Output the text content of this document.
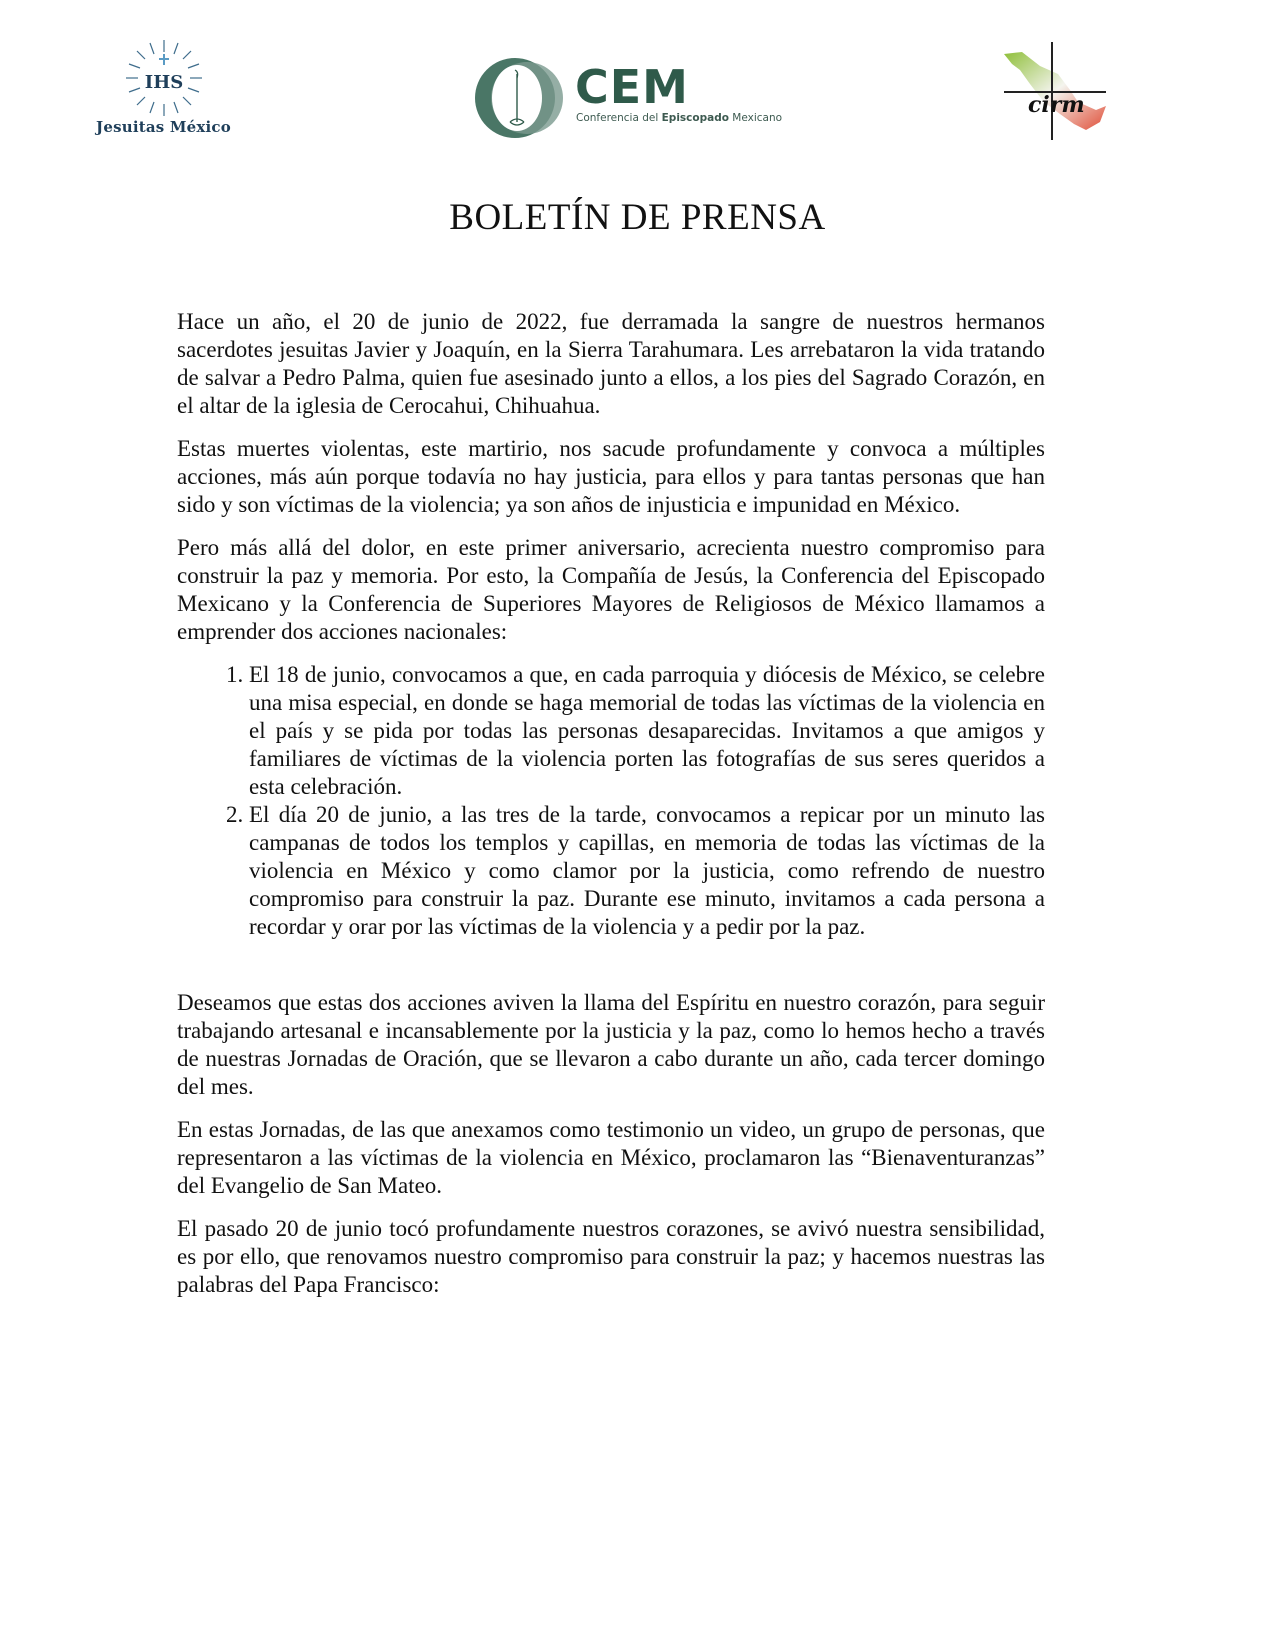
IHS
Jesuitas México
CEM
Conferencia del Episcopado Mexicano	cirm
BOLETÍN DE PRENSA

Hace un año, el 20 de junio de 2022, fue derramada la sangre de nuestros hermanos sacerdotes jesuitas Javier y Joaquín, en la Sierra Tarahumara. Les arrebataron la vida tratando de salvar a Pedro Palma, quien fue asesinado junto a ellos, a los pies del Sagrado Corazón, en el altar de la iglesia de Cerocahui, Chihuahua.

Estas muertes violentas, este martirio, nos sacude profundamente y convoca a múltiples acciones, más aún porque todavía no hay justicia, para ellos y para tantas personas que han sido y son víctimas de la violencia; ya son años de injusticia e impunidad en México.

Pero más allá del dolor, en este primer aniversario, acrecienta nuestro compromiso para construir la paz y memoria. Por esto, la Compañía de Jesús, la Conferencia del Episcopado Mexicano y la Conferencia de Superiores Mayores de Religiosos de México llamamos a emprender dos acciones nacionales:

1. El 18 de junio, convocamos a que, en cada parroquia y diócesis de México, se celebre una misa especial, en donde se haga memorial de todas las víctimas de la violencia en el país y se pida por todas las personas desaparecidas. Invitamos a que amigos y familiares de víctimas de la violencia porten las fotografías de sus seres queridos a esta celebración.
2. El día 20 de junio, a las tres de la tarde, convocamos a repicar por un minuto las campanas de todos los templos y capillas, en memoria de todas las víctimas de la violencia en México y como clamor por la justicia, como refrendo de nuestro compromiso para construir la paz. Durante ese minuto, invitamos a cada persona a recordar y orar por las víctimas de la violencia y a pedir por la paz.

Deseamos que estas dos acciones aviven la llama del Espíritu en nuestro corazón, para seguir trabajando artesanal e incansablemente por la justicia y la paz, como lo hemos hecho a través de nuestras Jornadas de Oración, que se llevaron a cabo durante un año, cada tercer domingo del mes.

En estas Jornadas, de las que anexamos como testimonio un video, un grupo de personas, que representaron a las víctimas de la violencia en México, proclamaron las “Bienaventuranzas” del Evangelio de San Mateo.

El pasado 20 de junio tocó profundamente nuestros corazones, se avivó nuestra sensibilidad, es por ello, que renovamos nuestro compromiso para construir la paz; y hacemos nuestras las palabras del Papa Francisco:
